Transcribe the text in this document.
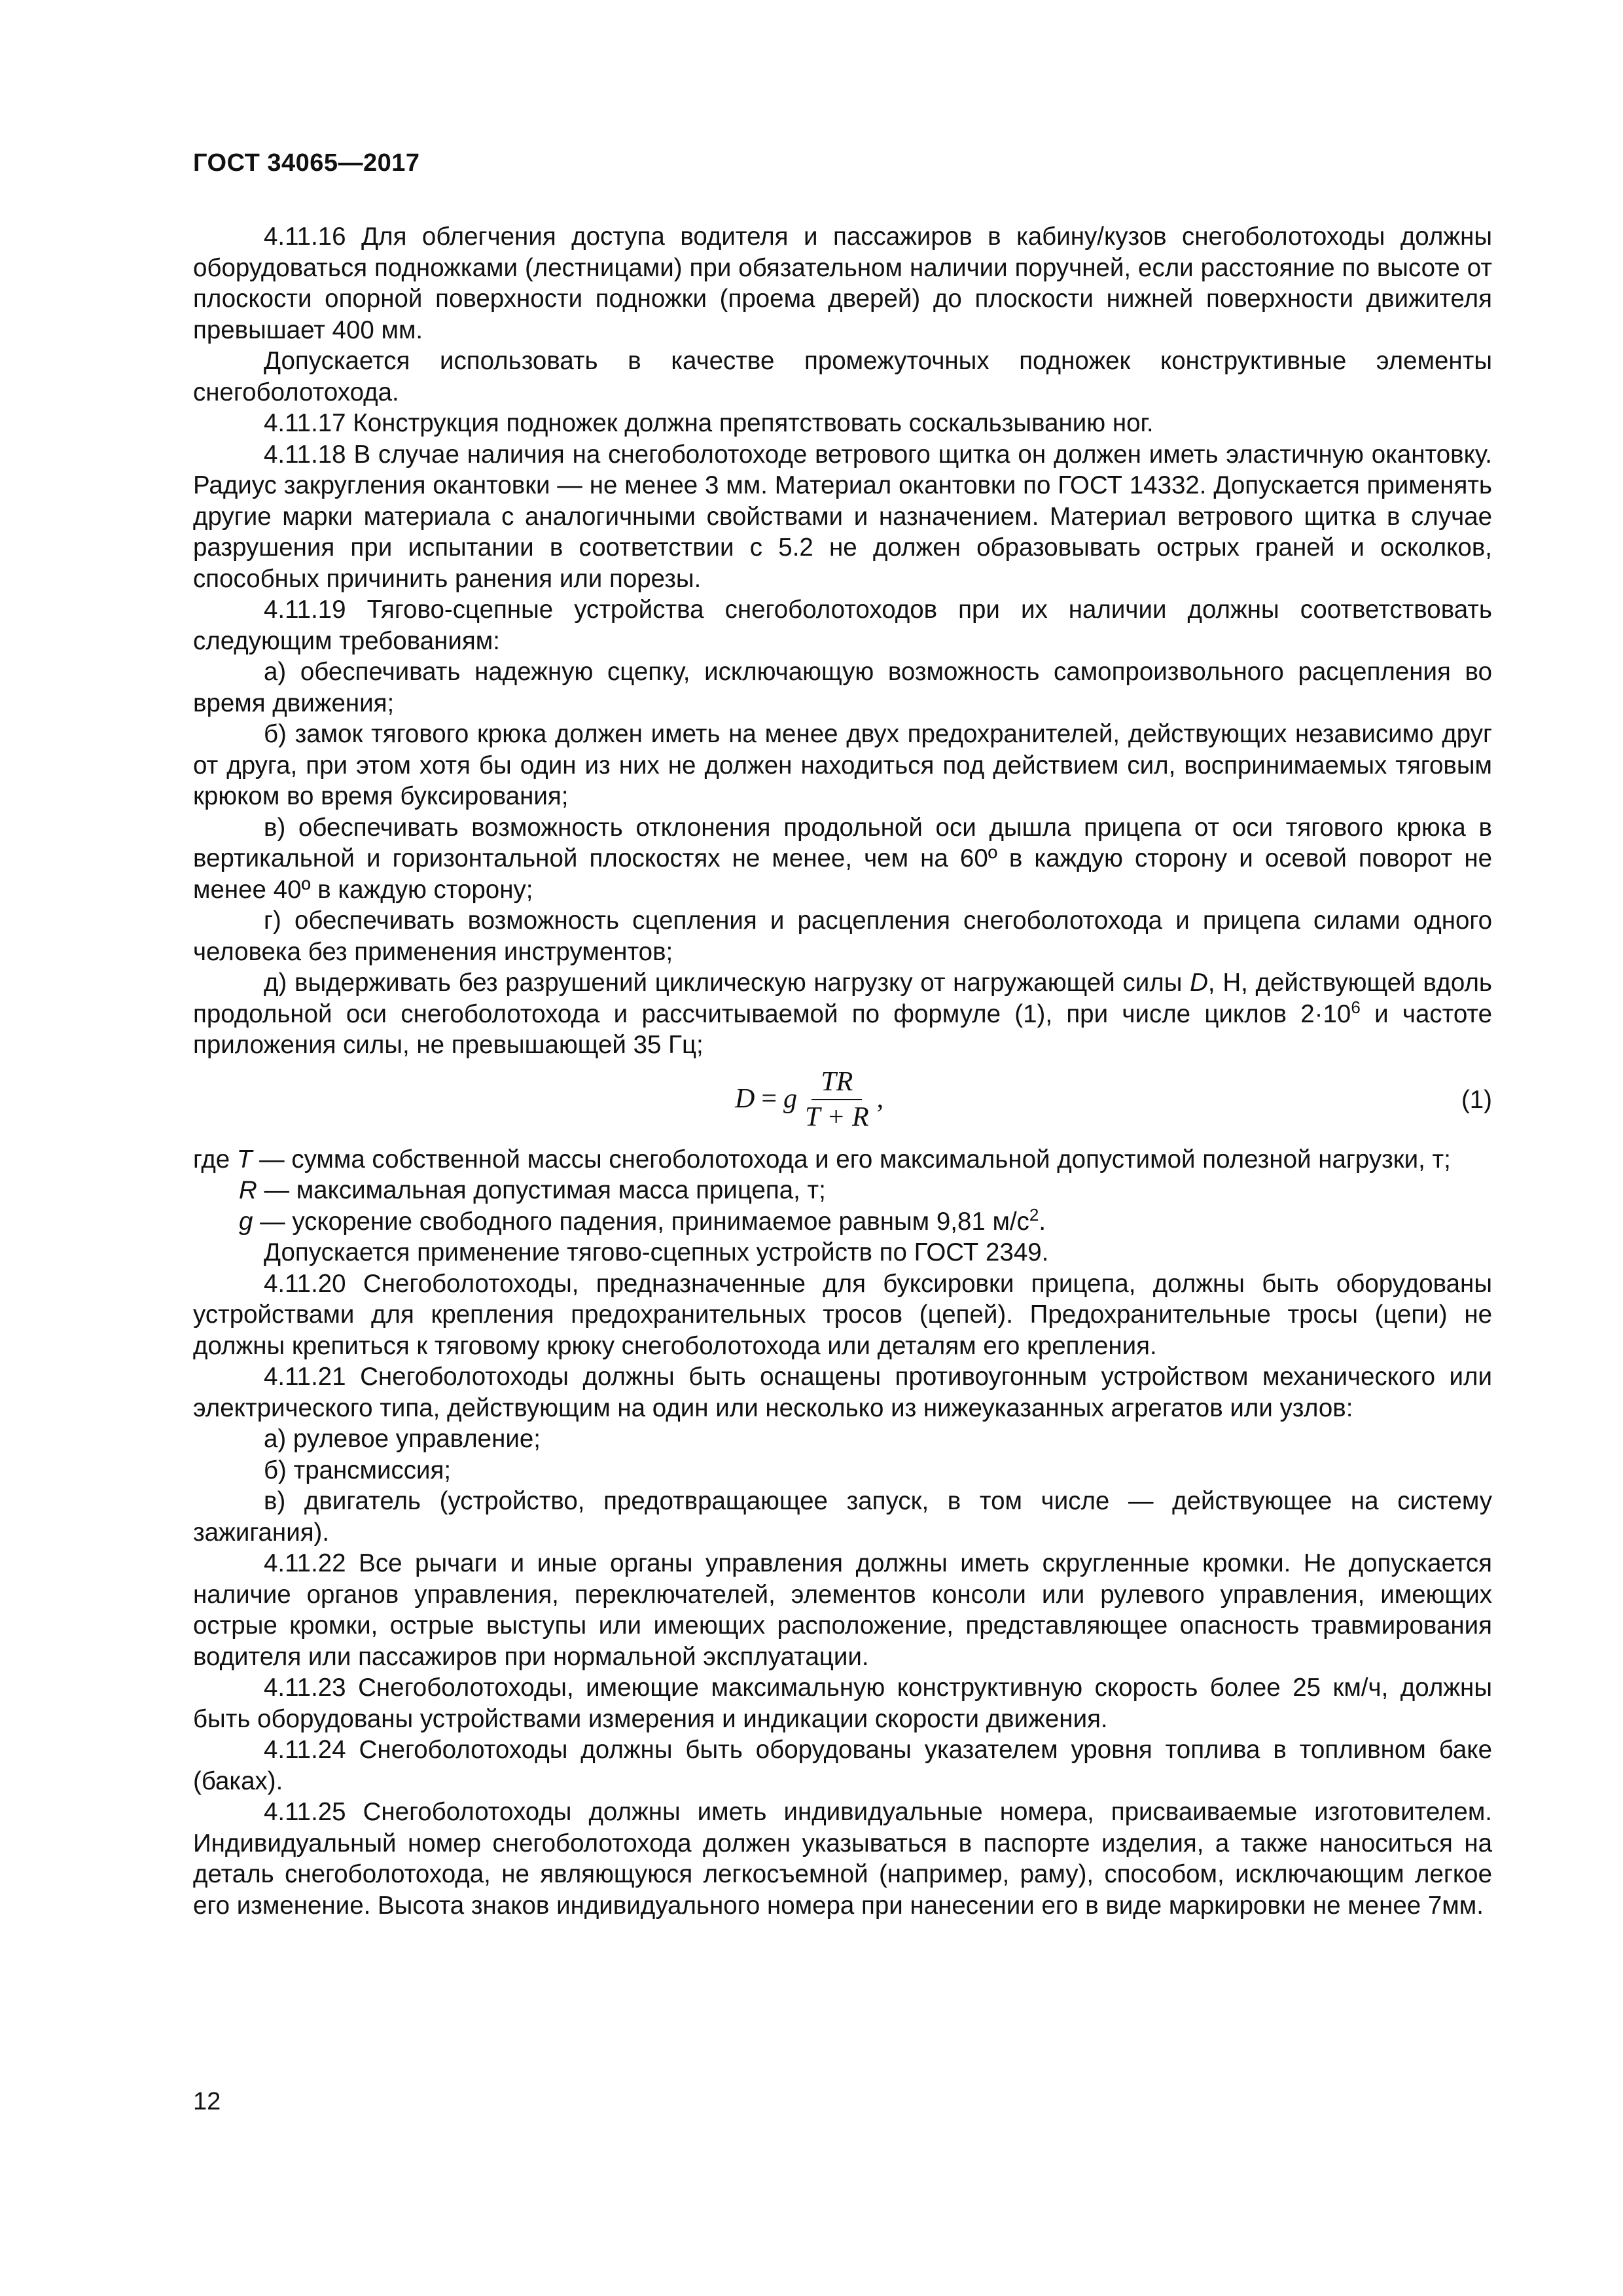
ГОСТ 34065—2017

4.11.16 Для облегчения доступа водителя и пассажиров в кабину/кузов снегоболотоходы должны оборудоваться подножками (лестницами) при обязательном наличии поручней, если расстояние по высоте от плоскости опорной поверхности подножки (проема дверей) до плоскости нижней поверхности движителя превышает 400 мм.

Допускается использовать в качестве промежуточных подножек конструктивные элементы снегоболотохода.

4.11.17 Конструкция подножек должна препятствовать соскальзыванию ног.

4.11.18 В случае наличия на снегоболотоходе ветрового щитка он должен иметь эластичную окантовку. Радиус закругления окантовки — не менее 3 мм. Материал окантовки по ГОСТ 14332. Допускается применять другие марки материала с аналогичными свойствами и назначением. Материал ветрового щитка в случае разрушения при испытании в соответствии с 5.2 не должен образовывать острых граней и осколков, способных причинить ранения или порезы.

4.11.19 Тягово-сцепные устройства снегоболотоходов при их наличии должны соответствовать следующим требованиям:

а) обеспечивать надежную сцепку, исключающую возможность самопроизвольного расцепления во время движения;

б) замок тягового крюка должен иметь на менее двух предохранителей, действующих независимо друг от друга, при этом хотя бы один из них не должен находиться под действием сил, воспринимаемых тяговым крюком во время буксирования;

в) обеспечивать возможность отклонения продольной оси дышла прицепа от оси тягового крюка в вертикальной и горизонтальной плоскостях не менее, чем на 60º в каждую сторону и осевой поворот не менее 40º в каждую сторону;

г) обеспечивать возможность сцепления и расцепления снегоболотохода и прицепа силами одного человека без применения инструментов;

д) выдерживать без разрушений циклическую нагрузку от нагружающей силы D, Н, действующей вдоль продольной оси снегоболотохода и рассчитываемой по формуле (1), при числе циклов $2\cdot 10^6$ и частоте приложения силы, не превышающей 35 Гц;

D = g $\frac{TR}{T + R}$ ,	(1)

где T — сумма собственной массы снегоболотохода и его максимальной допустимой полезной нагрузки, т;

R — максимальная допустимая масса прицепа, т;

g — ускорение свободного падения, принимаемое равным 9,81 $м/с^2$.

Допускается применение тягово-сцепных устройств по ГОСТ 2349.

4.11.20 Снегоболотоходы, предназначенные для буксировки прицепа, должны быть оборудованы устройствами для крепления предохранительных тросов (цепей). Предохранительные тросы (цепи) не должны крепиться к тяговому крюку снегоболотохода или деталям его крепления.

4.11.21 Снегоболотоходы должны быть оснащены противоугонным устройством механического или электрического типа, действующим на один или несколько из нижеуказанных агрегатов или узлов:

а) рулевое управление;

б) трансмиссия;

в) двигатель (устройство, предотвращающее запуск, в том числе — действующее на систему зажигания).

4.11.22 Все рычаги и иные органы управления должны иметь скругленные кромки. Не допускается наличие органов управления, переключателей, элементов консоли или рулевого управления, имеющих острые кромки, острые выступы или имеющих расположение, представляющее опасность травмирования водителя или пассажиров при нормальной эксплуатации.

4.11.23 Снегоболотоходы, имеющие максимальную конструктивную скорость более 25 км/ч, должны быть оборудованы устройствами измерения и индикации скорости движения.

4.11.24 Снегоболотоходы должны быть оборудованы указателем уровня топлива в топливном баке (баках).

4.11.25 Снегоболотоходы должны иметь индивидуальные номера, присваиваемые изготовителем. Индивидуальный номер снегоболотохода должен указываться в паспорте изделия, а также наноситься на деталь снегоболотохода, не являющуюся легкосъемной (например, раму), способом, исключающим легкое его изменение. Высота знаков индивидуального номера при нанесении его в виде маркировки не менее 7мм.

12
